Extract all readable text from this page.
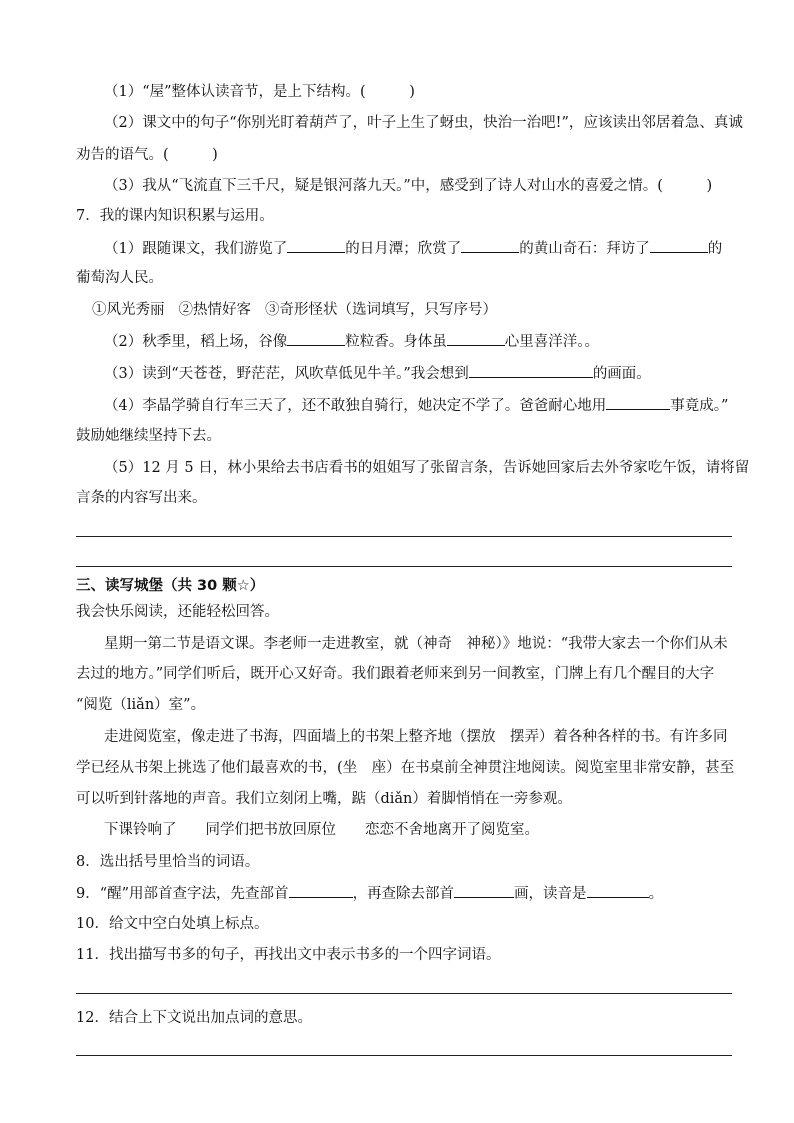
（1）“屋”整体认读音节，是上下结构。(　　　)
（2）课文中的句子“你别光盯着葫芦了，叶子上生了蚜虫，快治一治吧!”，应该读出邻居着急、真诚
劝告的语气。(　　　)
（3）我从“飞流直下三千尺，疑是银河落九天。”中，感受到了诗人对山水的喜爱之情。(　　　)
7．我的课内知识积累与运用。
（1）跟随课文，我们游览了	的日月潭；欣赏了	的黄山奇石：拜访了	的
葡萄沟人民。
①风光秀丽 ②热情好客 ③奇形怪状（选词填写，只写序号）
（2）秋季里，稻上场，谷像	粒粒香。身体虽	心里喜洋洋。。
（3）读到“天苍苍，野茫茫，风吹草低见牛羊。”我会想到	的画面。
（4）李晶学骑自行车三天了，还不敢独自骑行，她决定不学了。爸爸耐心地用	事竟成。”
鼓励她继续坚持下去。
（5）12 月 5 日，林小果给去书店看书的姐姐写了张留言条，告诉她回家后去外爷家吃午饭，请将留
言条的内容写出来。
三、读写城堡（共 30 颗☆）
我会快乐阅读，还能轻松回答。
星期一第二节是语文课。李老师一走进教室，就（神奇　神秘）》地说：“我带大家去一个你们从未
去过的地方。”同学们听后，既开心又好奇。我们跟着老师来到另一间教室，门牌上有几个醒目的大字
“阅览（liǎn）室”。
走进阅览室，像走进了书海，四面墙上的书架上整齐地（摆放　摆弄）着各种各样的书。有许多同
学已经从书架上挑选了他们最喜欢的书，(坐　座）在书桌前全神贯注地阅读。阅览室里非常安静，甚至
可以听到针落地的声音。我们立刻闭上嘴，踮（diǎn）着脚悄悄在一旁参观。
下课铃响了　　同学们把书放回原位　　恋恋不舍地离开了阅览室。
8．选出括号里恰当的词语。
9．“醒”用部首查字法，先查部首	，再查除去部首	画，读音是	。
10．给文中空白处填上标点。
11．找出描写书多的句子，再找出文中表示书多的一个四字词语。
12．结合上下文说出加点词的意思。
